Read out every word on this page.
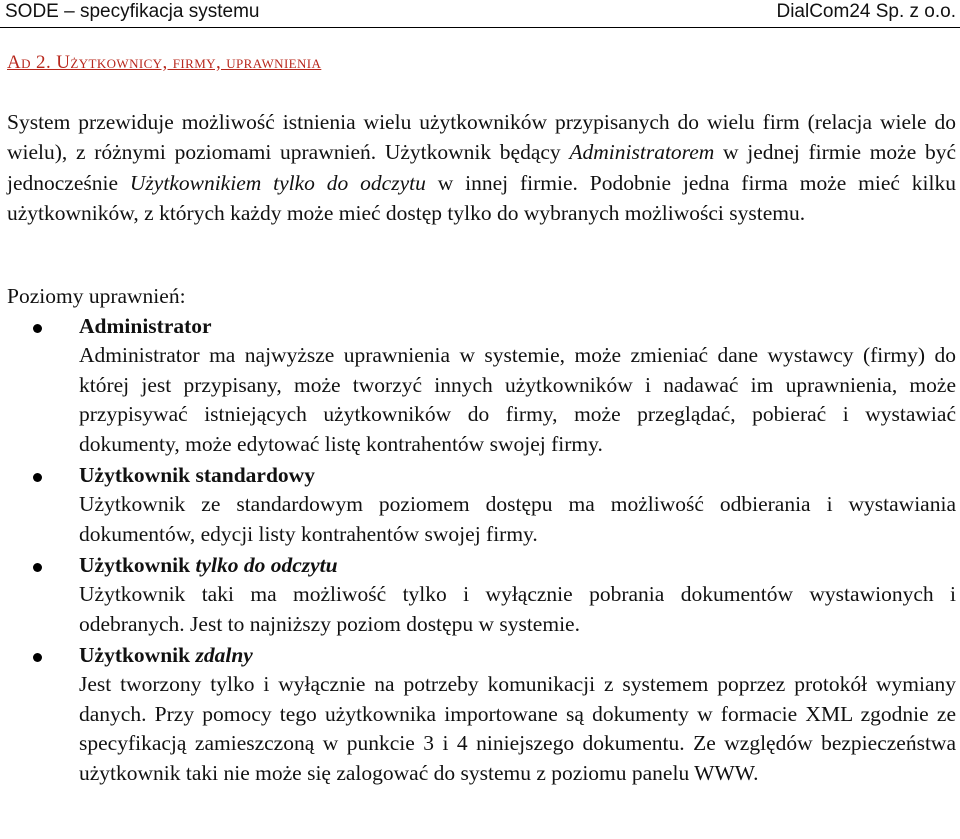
SODE – specyfikacja systemu	DialCom24 Sp. z o.o.
Ad 2. Użytkownicy, firmy, uprawnienia

System przewiduje możliwość istnienia wielu użytkowników przypisanych do wielu firm (relacja wiele do wielu), z różnymi poziomami uprawnień. Użytkownik będący Administratorem w jednej firmie może być jednocześnie Użytkownikiem tylko do odczytu w innej firmie. Podobnie jedna firma może mieć kilku użytkowników, z których każdy może mieć dostęp tylko do wybranych możliwości systemu.

Poziomy uprawnień:
Administrator
Administrator ma najwyższe uprawnienia w systemie, może zmieniać dane wystawcy (firmy) do której jest przypisany, może tworzyć innych użytkowników i nadawać im uprawnienia, może przypisywać istniejących użytkowników do firmy, może przeglądać, pobierać i wystawiać dokumenty, może edytować listę kontrahentów swojej firmy.
Użytkownik standardowy
Użytkownik ze standardowym poziomem dostępu ma możliwość odbierania i wystawiania dokumentów, edycji listy kontrahentów swojej firmy.
Użytkownik tylko do odczytu
Użytkownik taki ma możliwość tylko i wyłącznie pobrania dokumentów wystawionych i odebranych. Jest to najniższy poziom dostępu w systemie.
Użytkownik zdalny
Jest tworzony tylko i wyłącznie na potrzeby komunikacji z systemem poprzez protokół wymiany danych. Przy pomocy tego użytkownika importowane są dokumenty w formacie XML zgodnie ze specyfikacją zamieszczoną w punkcie 3 i 4 niniejszego dokumentu. Ze względów bezpieczeństwa użytkownik taki nie może się zalogować do systemu z poziomu panelu WWW.
